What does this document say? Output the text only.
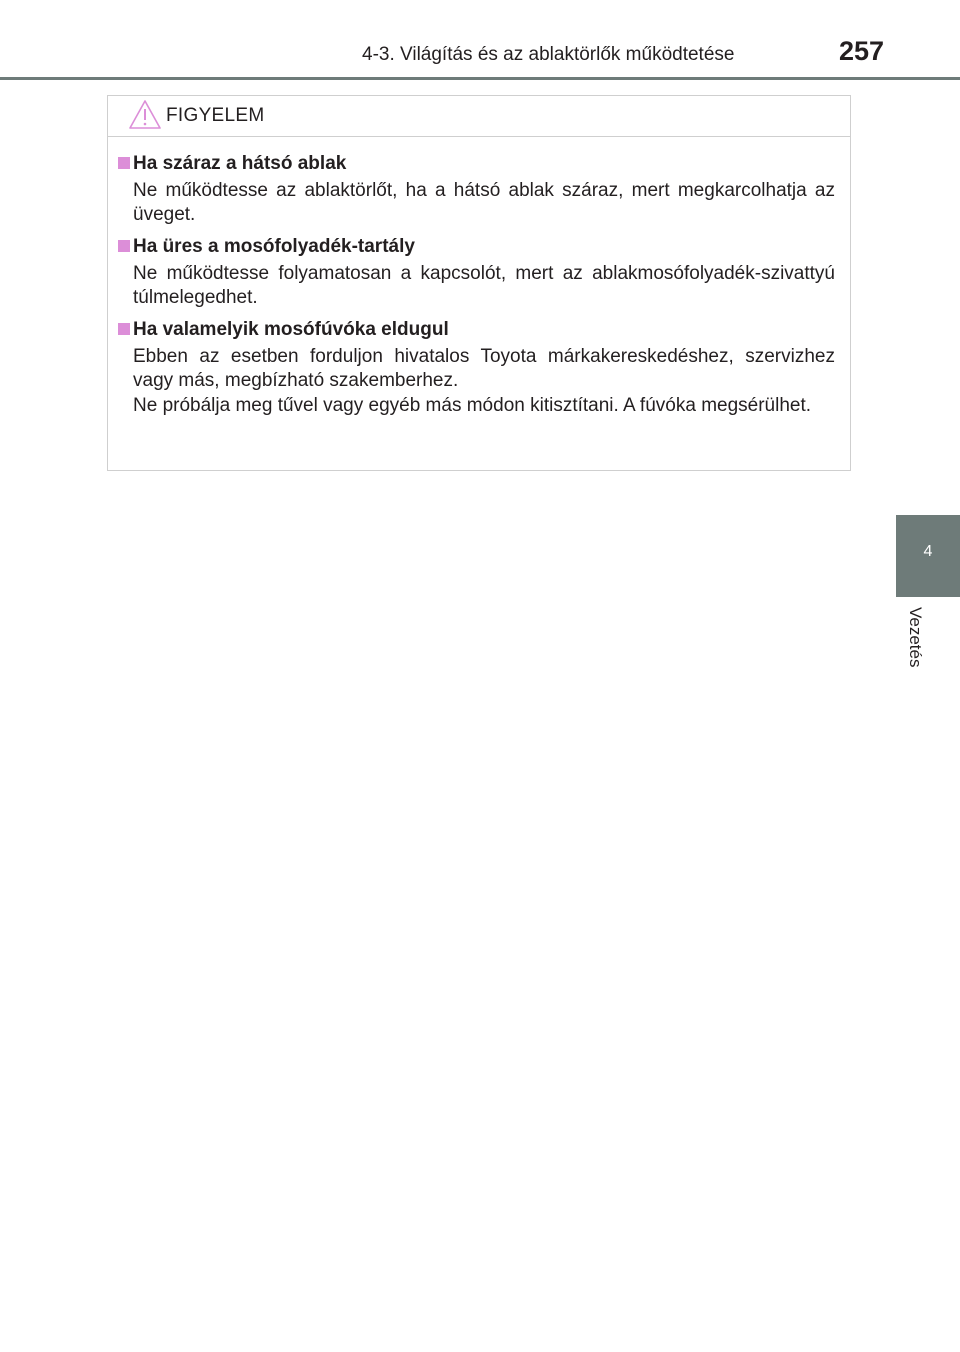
4-3. Világítás és az ablaktörlők működtetése	257
4
Vezetés
FIGYELEM
Ha száraz a hátsó ablak
Ne működtesse az ablaktörlőt, ha a hátsó ablak száraz, mert megkarcolhatja az üveget.
Ha üres a mosófolyadék-tartály
Ne működtesse folyamatosan a kapcsolót, mert az ablakmosófolyadék-szivattyú túlmelegedhet.
Ha valamelyik mosófúvóka eldugul
Ebben az esetben forduljon hivatalos Toyota márkakereskedéshez, szervizhez vagy más, megbízható szakemberhez.
Ne próbálja meg tűvel vagy egyéb más módon kitisztítani. A fúvóka megsérülhet.
